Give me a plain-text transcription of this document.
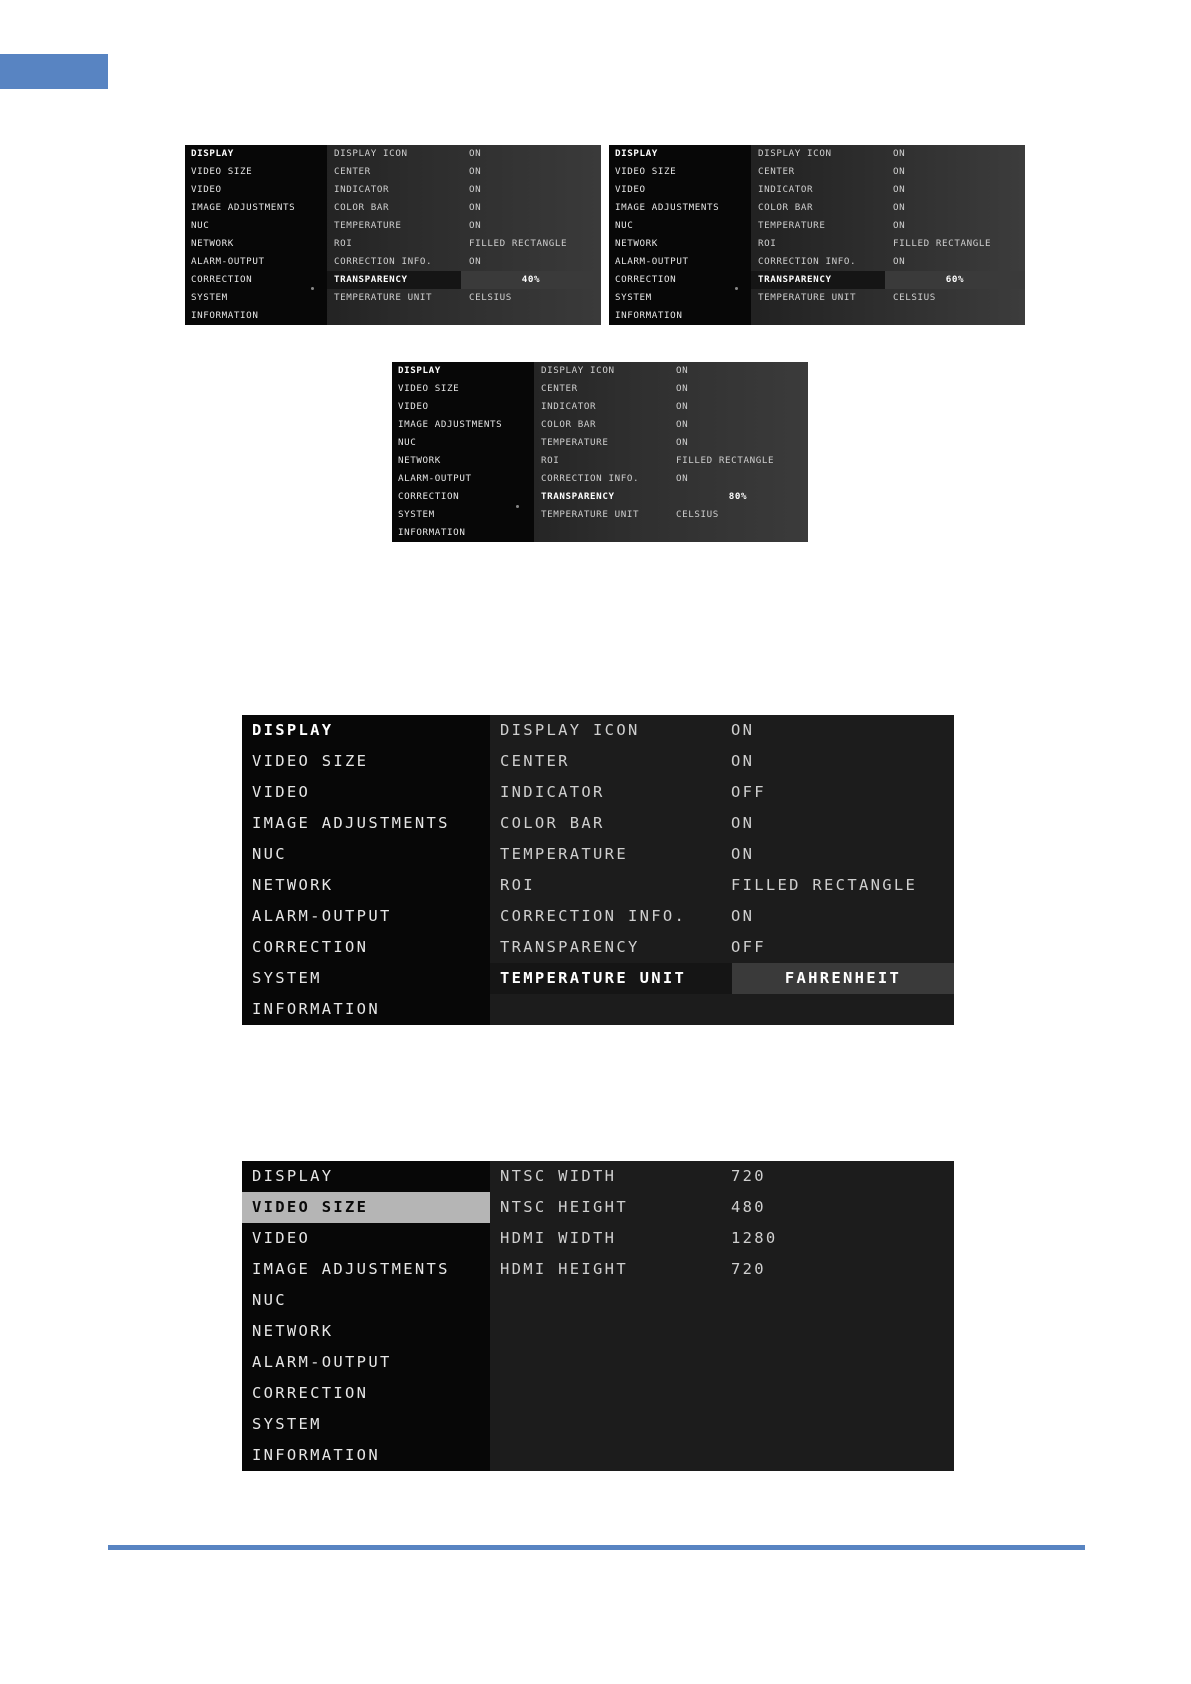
DISPLAY	DISPLAY ICON	ON
VIDEO SIZE	CENTER	ON
VIDEO	INDICATOR	ON
IMAGE ADJUSTMENTS	COLOR BAR	ON
NUC	TEMPERATURE	ON
NETWORK	ROI	FILLED RECTANGLE
ALARM-OUTPUT	CORRECTION INFO.	ON
CORRECTION	TRANSPARENCY	40%
SYSTEM	TEMPERATURE UNIT	CELSIUS
INFORMATION
DISPLAY	DISPLAY ICON	ON
VIDEO SIZE	CENTER	ON
VIDEO	INDICATOR	ON
IMAGE ADJUSTMENTS	COLOR BAR	ON
NUC	TEMPERATURE	ON
NETWORK	ROI	FILLED RECTANGLE
ALARM-OUTPUT	CORRECTION INFO.	ON
CORRECTION	TRANSPARENCY	60%
SYSTEM	TEMPERATURE UNIT	CELSIUS
INFORMATION
DISPLAY	DISPLAY ICON	ON
VIDEO SIZE	CENTER	ON
VIDEO	INDICATOR	ON
IMAGE ADJUSTMENTS	COLOR BAR	ON
NUC	TEMPERATURE	ON
NETWORK	ROI	FILLED RECTANGLE
ALARM-OUTPUT	CORRECTION INFO.	ON
CORRECTION	TRANSPARENCY	80%
SYSTEM	TEMPERATURE UNIT	CELSIUS
INFORMATION
DISPLAY	DISPLAY ICON	ON
VIDEO SIZE	CENTER	ON
VIDEO	INDICATOR	OFF
IMAGE ADJUSTMENTS	COLOR BAR	ON
NUC	TEMPERATURE	ON
NETWORK	ROI	FILLED RECTANGLE
ALARM-OUTPUT	CORRECTION INFO.	ON
CORRECTION	TRANSPARENCY	OFF
SYSTEM	TEMPERATURE UNIT	FAHRENHEIT
INFORMATION
DISPLAY	NTSC WIDTH	720
VIDEO SIZE	NTSC HEIGHT	480
VIDEO	HDMI WIDTH	1280
IMAGE ADJUSTMENTS	HDMI HEIGHT	720
NUC
NETWORK
ALARM-OUTPUT
CORRECTION
SYSTEM
INFORMATION
